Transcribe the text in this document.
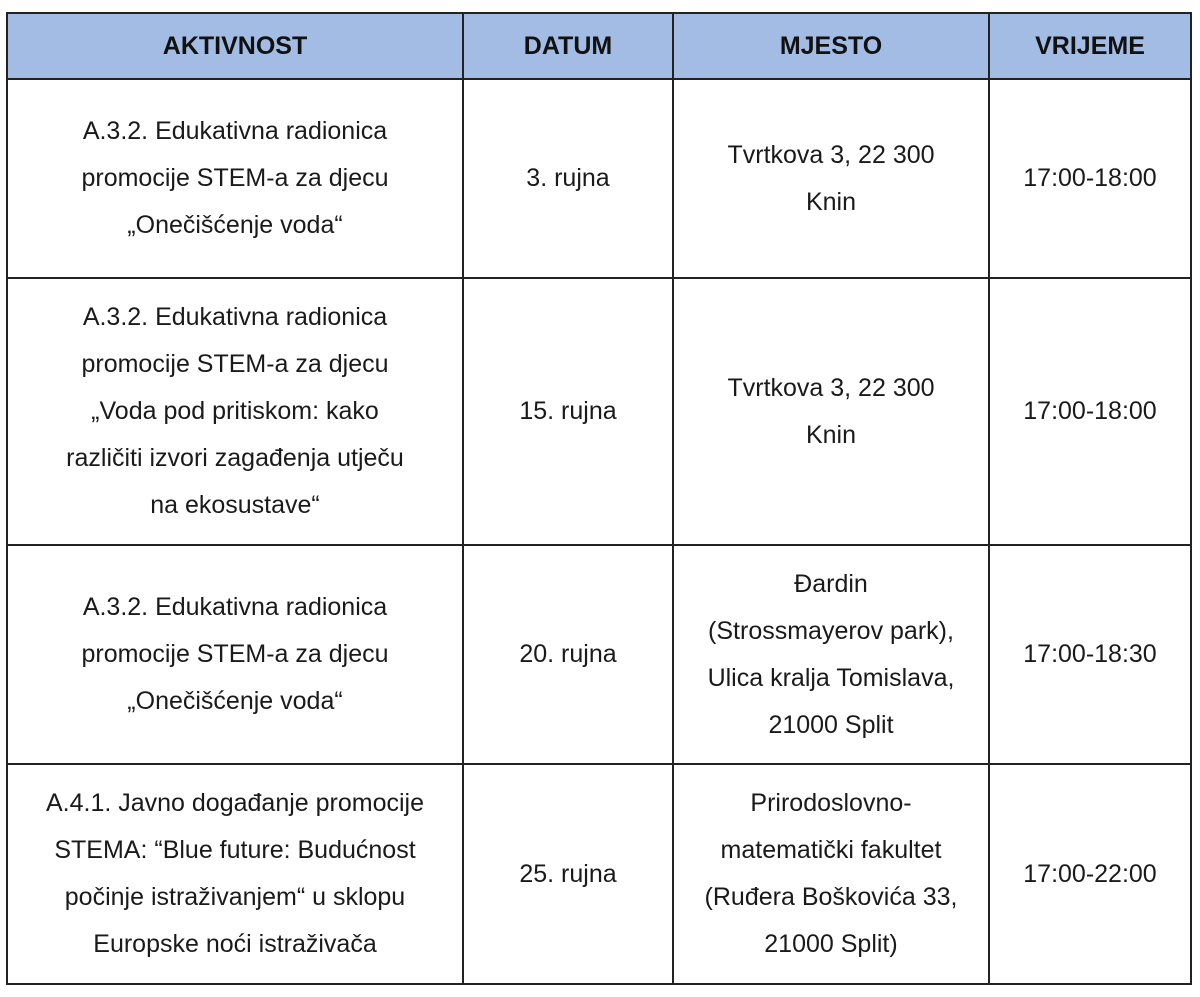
AKTIVNOST	DATUM	MJESTO	VRIJEME

A.3.2. Edukativna radionica
promocije STEM-a za djecu
„Onečišćenje voda“	3. rujna	Tvrtkova 3, 22 300
Knin	17:00-18:00

A.3.2. Edukativna radionica
promocije STEM-a za djecu
„Voda pod pritiskom: kako
različiti izvori zagađenja utječu
na ekosustave“	15. rujna	Tvrtkova 3, 22 300
Knin	17:00-18:00

A.3.2. Edukativna radionica
promocije STEM-a za djecu
„Onečišćenje voda“	20. rujna	Đardin
(Strossmayerov park),
Ulica kralja Tomislava,
21000 Split	17:00-18:30

A.4.1. Javno događanje promocije
STEMA: “Blue future: Budućnost
počinje istraživanjem“ u sklopu
Europske noći istraživača	25. rujna	Prirodoslovno-
matematički fakultet
(Ruđera Boškovića 33,
21000 Split)	17:00-22:00
